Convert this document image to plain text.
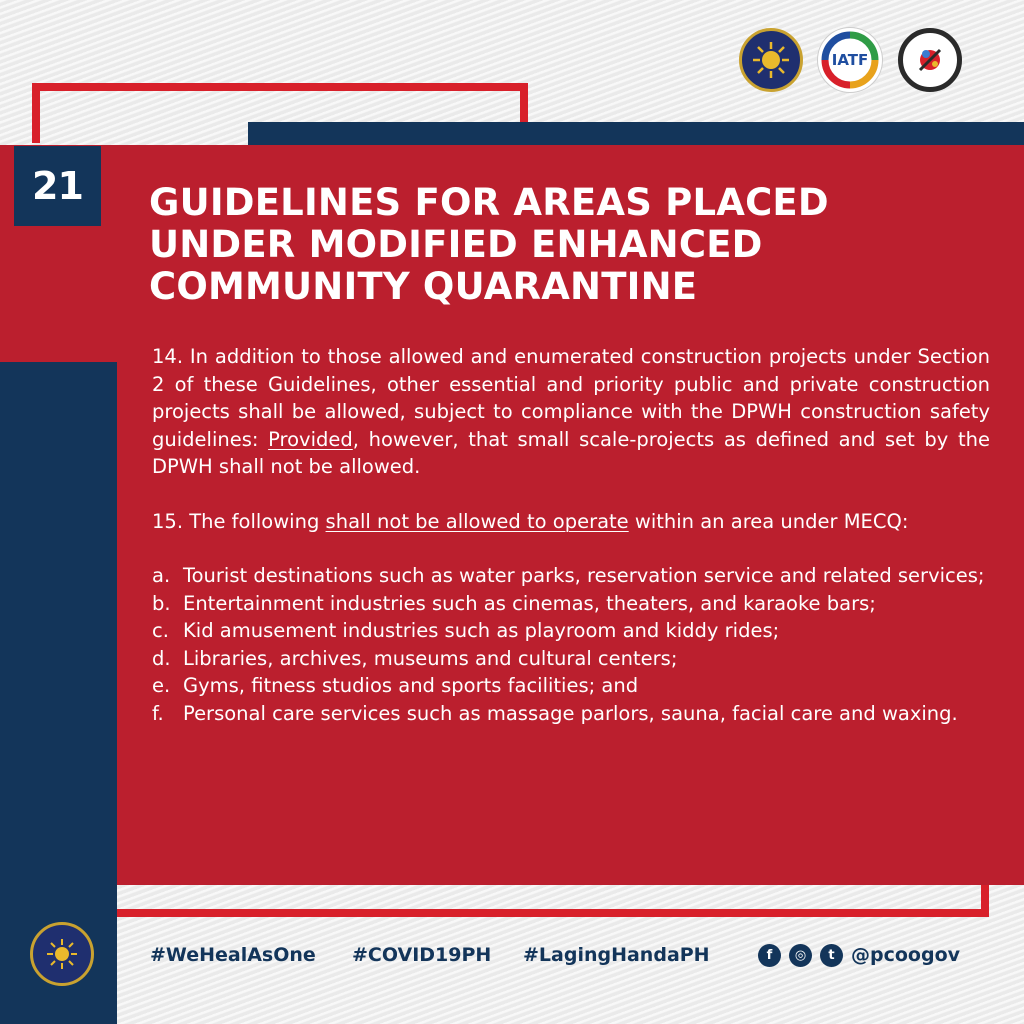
IATF
21	GUIDELINES FOR AREAS PLACED
UNDER MODIFIED ENHANCED
COMMUNITY QUARANTINE

14. In addition to those allowed and enumerated construction projects under Section 2 of these Guidelines, other essential and priority public and private construction projects shall be allowed, subject to compliance with the DPWH construction safety guidelines: Provided, however, that small scale-projects as defined and set by the DPWH shall not be allowed.

15. The following shall not be allowed to operate within an area under MECQ:

a. Tourist destinations such as water parks, reservation service and related services;
b. Entertainment industries such as cinemas, theaters, and karaoke bars;
c. Kid amusement industries such as playroom and kiddy rides;
d. Libraries, archives, museums and cultural centers;
e. Gyms, fitness studios and sports facilities; and
f. Personal care services such as massage parlors, sauna, facial care and waxing.
#WeHealAsOne #COVID19PH #LagingHandaPH	f	◎	t @pcoogov
